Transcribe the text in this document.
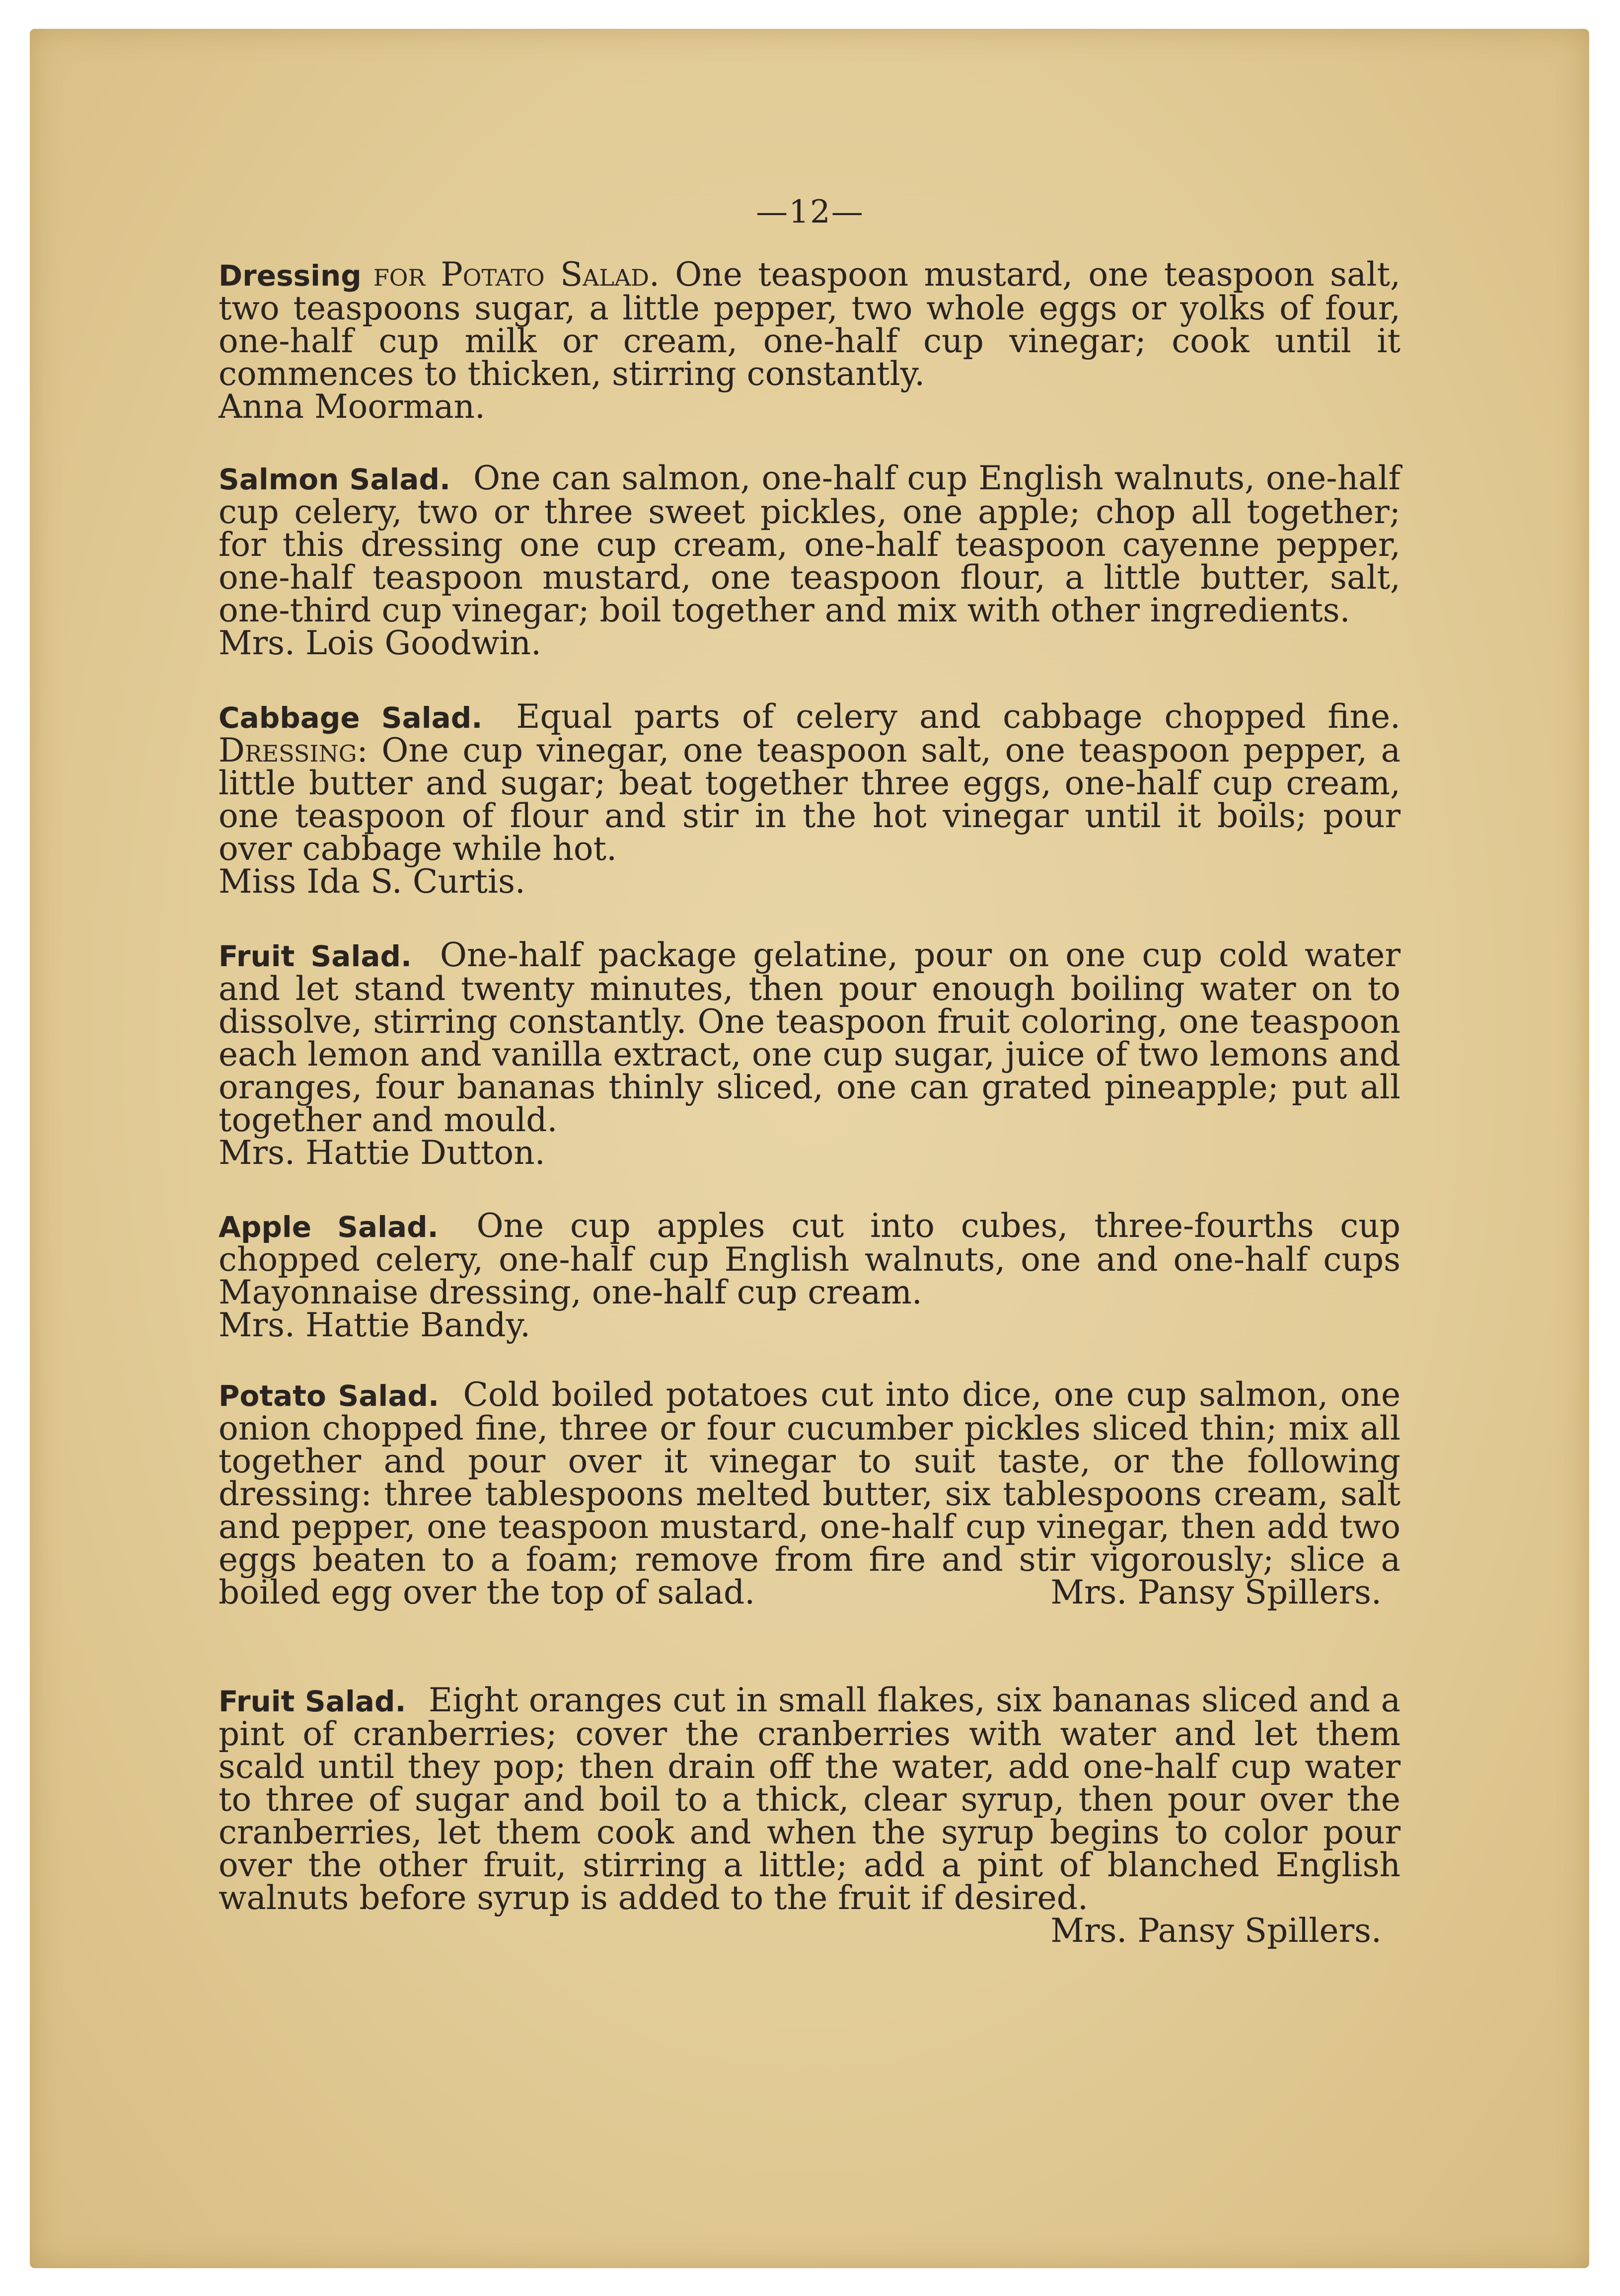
—12—
Dressing for Potato Salad. One teaspoon mustard, one teaspoon salt, two teaspoons sugar, a little pepper, two whole eggs or yolks of four, one-half cup milk or cream, one-half cup vinegar; cook until it commences to thicken, stirring constantly.
Anna Moorman.
Salmon Salad. One can salmon, one-half cup English walnuts, one-half cup celery, two or three sweet pickles, one apple; chop all together; for this dressing one cup cream, one-half teaspoon cayenne pepper, one-half teaspoon mustard, one teaspoon flour, a little butter, salt, one-third cup vinegar; boil together and mix with other ingredients.
Mrs. Lois Goodwin.
Cabbage Salad. Equal parts of celery and cabbage chopped fine. Dressing: One cup vinegar, one teaspoon salt, one teaspoon pepper, a little butter and sugar; beat together three eggs, one-half cup cream, one teaspoon of flour and stir in the hot vinegar until it boils; pour over cabbage while hot.
Miss Ida S. Curtis.
Fruit Salad. One-half package gelatine, pour on one cup cold water and let stand twenty minutes, then pour enough boiling water on to dissolve, stirring constantly. One teaspoon fruit coloring, one teaspoon each lemon and vanilla extract, one cup sugar, juice of two lemons and oranges, four bananas thinly sliced, one can grated pineapple; put all together and mould.
Mrs. Hattie Dutton.
Apple Salad. One cup apples cut into cubes, three-fourths cup chopped celery, one-half cup English walnuts, one and one-half cups Mayonnaise dressing, one-half cup cream.
Mrs. Hattie Bandy.
Potato Salad. Cold boiled potatoes cut into dice, one cup salmon, one onion chopped fine, three or four cucumber pickles sliced thin; mix all together and pour over it vinegar to suit taste, or the following dressing: three tablespoons melted butter, six tablespoons cream, salt and pepper, one teaspoon mustard, one-half cup vinegar, then add two eggs beaten to a foam; remove from fire and stir vigorously; slice a boiled egg over the top of salad.	Mrs. Pansy Spillers.
Fruit Salad. Eight oranges cut in small flakes, six bananas sliced and a pint of cranberries; cover the cranberries with water and let them scald until they pop; then drain off the water, add one-half cup water to three of sugar and boil to a thick, clear syrup, then pour over the cranberries, let them cook and when the syrup begins to color pour over the other fruit, stirring a little; add a pint of blanched English walnuts before syrup is added to the fruit if desired.
Mrs. Pansy Spillers.
